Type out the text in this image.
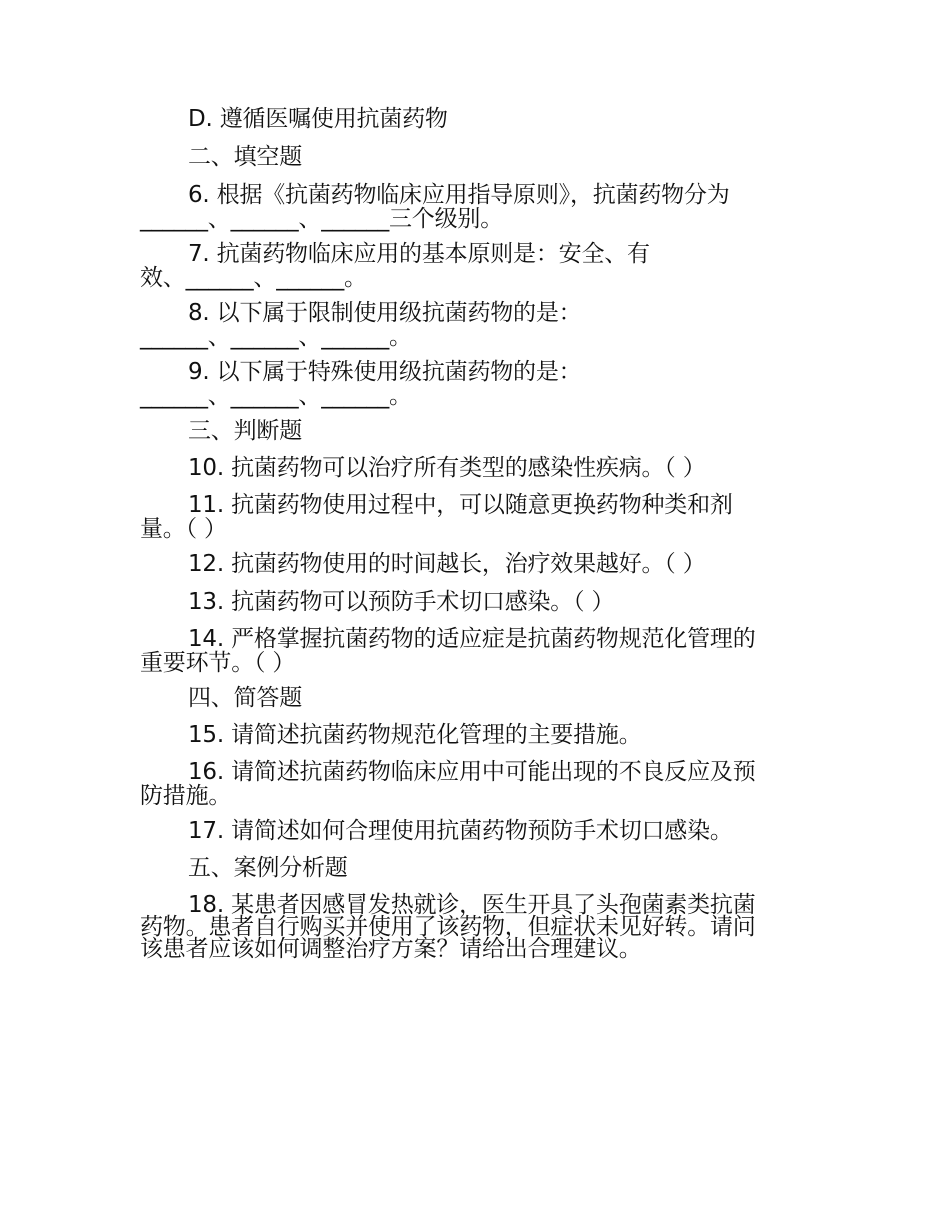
D. 遵循医嘱使用抗菌药物
二、填空题
6. 根据《抗菌药物临床应用指导原则》，抗菌药物分为
______、______、______三个级别。
7. 抗菌药物临床应用的基本原则是：安全、有
效、______、______。
8. 以下属于限制使用级抗菌药物的是：
______、______、______。
9. 以下属于特殊使用级抗菌药物的是：
______、______、______。
三、判断题
10. 抗菌药物可以治疗所有类型的感染性疾病。（ ）
11. 抗菌药物使用过程中，可以随意更换药物种类和剂
量。（ ）
12. 抗菌药物使用的时间越长，治疗效果越好。（ ）
13. 抗菌药物可以预防手术切口感染。（ ）
14. 严格掌握抗菌药物的适应症是抗菌药物规范化管理的
重要环节。（ ）
四、简答题
15. 请简述抗菌药物规范化管理的主要措施。
16. 请简述抗菌药物临床应用中可能出现的不良反应及预
防措施。
17. 请简述如何合理使用抗菌药物预防手术切口感染。
五、案例分析题
18. 某患者因感冒发热就诊，医生开具了头孢菌素类抗菌
药物。患者自行购买并使用了该药物，但症状未见好转。请问
该患者应该如何调整治疗方案？请给出合理建议。
